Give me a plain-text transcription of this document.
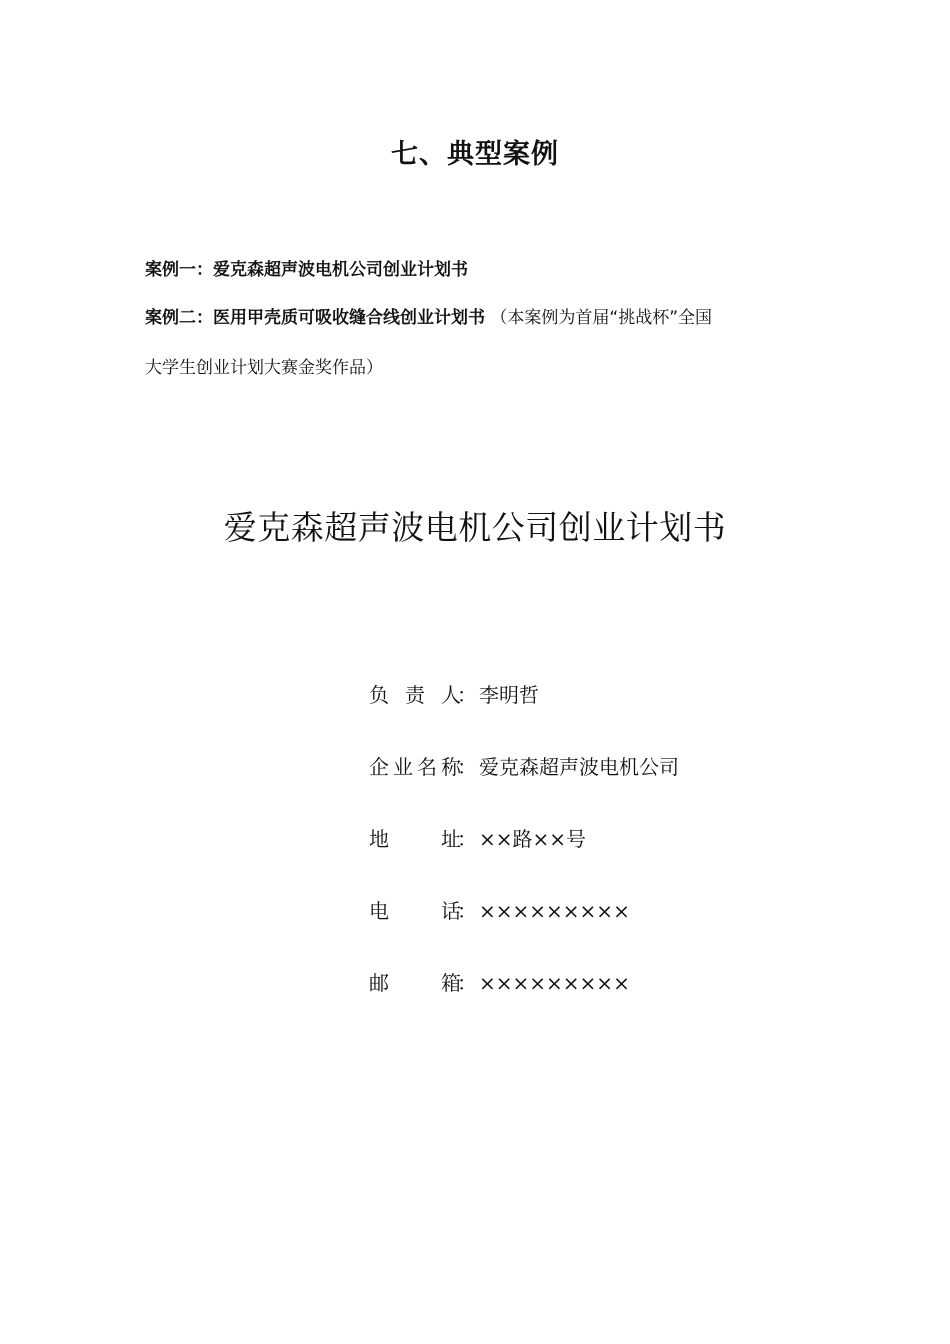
七、典型案例
案例一：爱克森超声波电机公司创业计划书
案例二：医用甲壳质可吸收缝合线创业计划书 （本案例为首届“挑战杯”全国
大学生创业计划大赛金奖作品）
爱克森超声波电机公司创业计划书
负 责 人
： 李明哲
企业名称
： 爱克森超声波电机公司
地 址
： ××路××号
电 话
： ×××××××××
邮 箱
： ×××××××××
